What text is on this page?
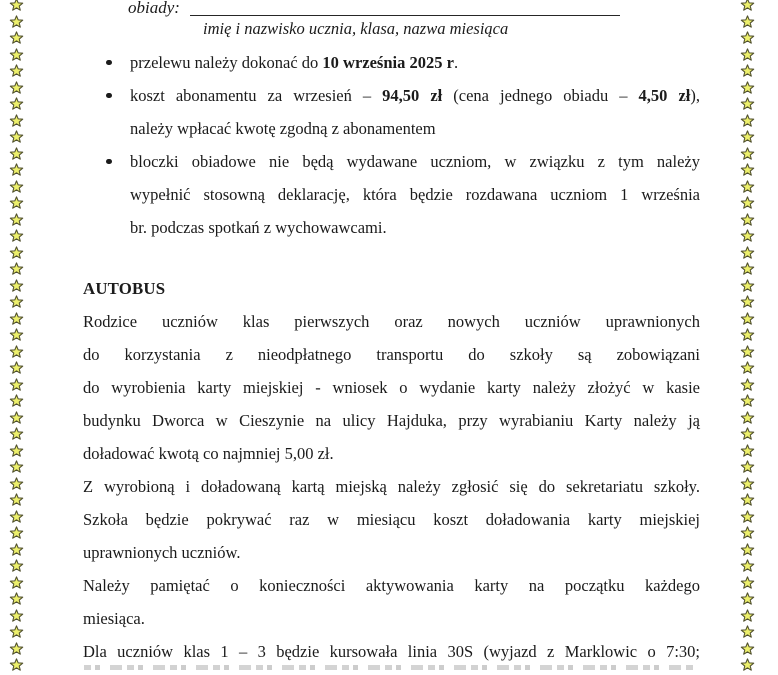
obiady:
imię i nazwisko ucznia, klasa, nazwa miesiąca
przelewu należy dokonać do 10 września 2025 r.
koszt abonamentu za wrzesień – 94,50 zł (cena jednego obiadu – 4,50 zł),
należy wpłacać kwotę zgodną z abonamentem
bloczki obiadowe nie będą wydawane uczniom, w związku z tym należy
wypełnić stosowną deklarację, która będzie rozdawana uczniom 1 września
br. podczas spotkań z wychowawcami.
AUTOBUS
Rodzice uczniów klas pierwszych oraz nowych uczniów uprawnionych
do korzystania z nieodpłatnego transportu do szkoły są zobowiązani
do wyrobienia karty miejskiej - wniosek o wydanie karty należy złożyć w kasie
budynku Dworca w Cieszynie na ulicy Hajduka, przy wyrabianiu Karty należy ją
doładować kwotą co najmniej 5,00 zł.
Z wyrobioną i doładowaną kartą miejską należy zgłosić się do sekretariatu szkoły.
Szkoła będzie pokrywać raz w miesiącu koszt doładowania karty miejskiej
uprawnionych uczniów.
Należy pamiętać o konieczności aktywowania karty na początku każdego
miesiąca.
Dla uczniów klas 1 – 3 będzie kursowała linia 30S (wyjazd z Marklowic o 7:30;
